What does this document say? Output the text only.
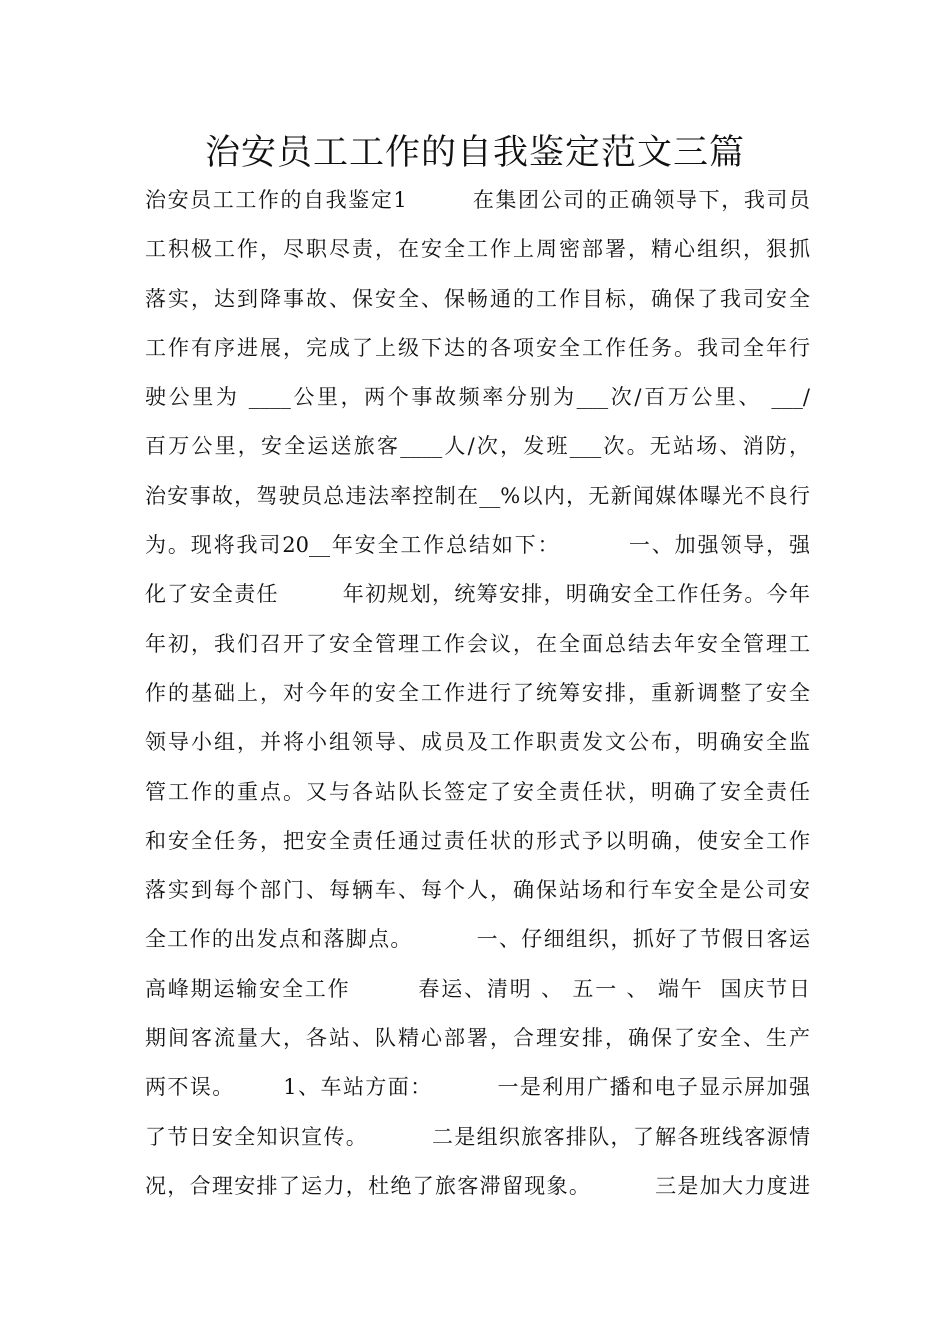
治安员工工作的自我鉴定范文三篇
治安员工工作的自我鉴定1        在集团公司的正确领导下，我司员
工积极工作，尽职尽责，在安全工作上周密部署，精心组织，狠抓
落实，达到降事故、保安全、保畅通的工作目标，确保了我司安全
工作有序进展，完成了上级下达的各项安全工作任务。我司全年行
驶公里为 ____公里，两个事故频率分别为___次/百万公里、 ___/
百万公里，安全运送旅客____人/次，发班___次。无站场、消防，
治安事故，驾驶员总违法率控制在__%以内，无新闻媒体曝光不良行
为。现将我司20__年安全工作总结如下：        一、加强领导，强
化了安全责任        年初规划，统筹安排，明确安全工作任务。今年
年初，我们召开了安全管理工作会议，在全面总结去年安全管理工
作的基础上，对今年的安全工作进行了统筹安排，重新调整了安全
领导小组，并将小组领导、成员及工作职责发文公布，明确安全监
管工作的重点。又与各站队长签定了安全责任状，明确了安全责任
和安全任务，把安全责任通过责任状的形式予以明确，使安全工作
落实到每个部门、每辆车、每个人，确保站场和行车安全是公司安
全工作的出发点和落脚点。        一、仔细组织，抓好了节假日客运
高峰期运输安全工作        春运、清明 、 五一 、 端午  国庆节日
期间客流量大，各站、队精心部署，合理安排，确保了安全、生产
两不误。      1、车站方面：        一是利用广播和电子显示屏加强
了节日安全知识宣传。        二是组织旅客排队，了解各班线客源情
况，合理安排了运力，杜绝了旅客滞留现象。        三是加大力度进
